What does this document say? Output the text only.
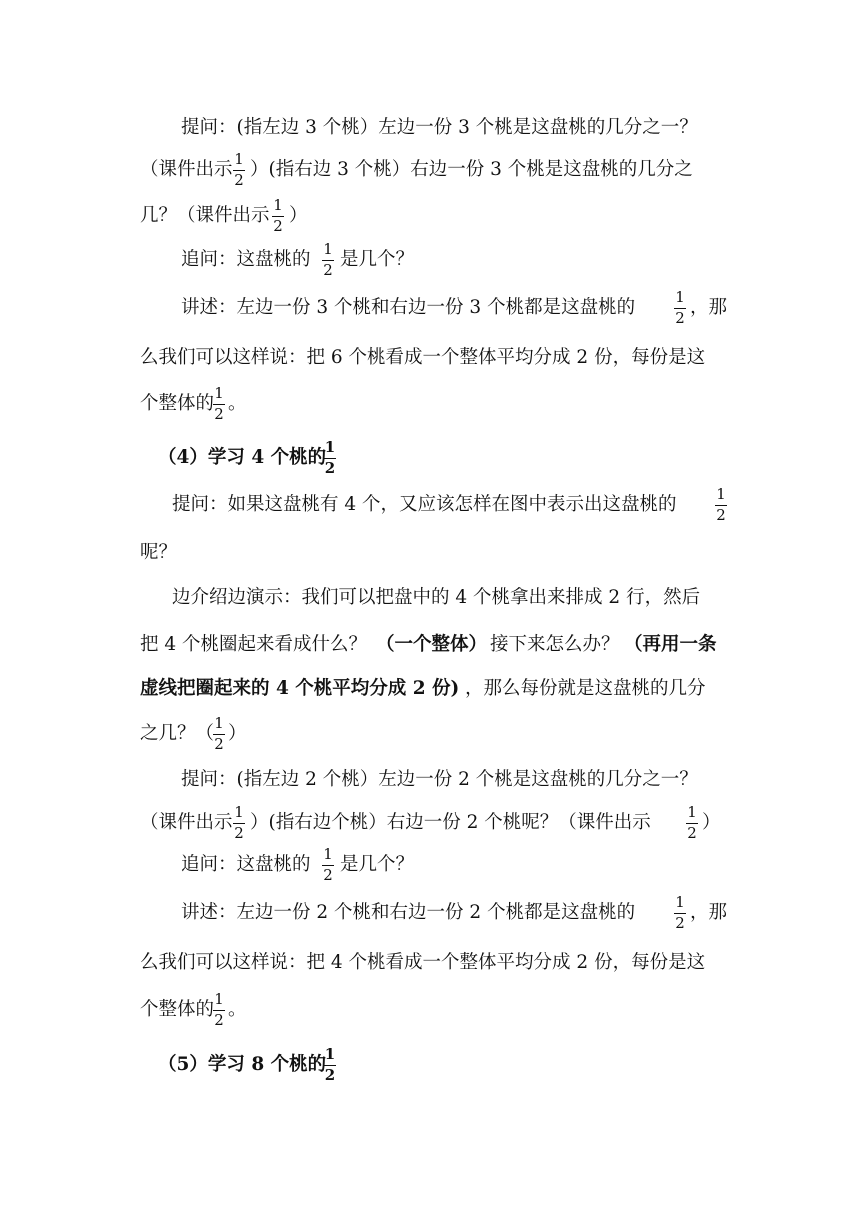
提问：(指左边 3 个桃）左边一份 3 个桃是这盘桃的几分之一？
（课件出示 1
2 ）(指右边 3 个桃）右边一份 3 个桃是这盘桃的几分之
几？（课件出示 1
2 ）
追问：这盘桃的 1
2 是几个？
讲述：左边一份 3 个桃和右边一份 3 个桃都是这盘桃的	1
2 ，那
么我们可以这样说：把 6 个桃看成一个整体平均分成 2 份，每份是这
个整体的 1
2 。
（4）学习 4 个桃的
1
2
提问：如果这盘桃有 4 个，又应该怎样在图中表示出这盘桃的	1
2
呢？
边介绍边演示：我们可以把盘中的 4 个桃拿出来排成 2 行，然后
把 4 个桃圈起来看成什么？ （一个整体） 接下来怎么办？ （再用一条
虚线把圈起来的 4 个桃平均分成 2 份) ，那么每份就是这盘桃的几分
之几？（ 1
2 ）
提问：(指左边 2 个桃）左边一份 2 个桃是这盘桃的几分之一？
（课件出示 1
2 ）(指右边个桃）右边一份 2 个桃呢？（课件出示 1
2 ）
追问：这盘桃的 1
2 是几个？
讲述：左边一份 2 个桃和右边一份 2 个桃都是这盘桃的	1
2 ，那
么我们可以这样说：把 4 个桃看成一个整体平均分成 2 份，每份是这
个整体的 1
2 。
（5）学习 8 个桃的
1
2
